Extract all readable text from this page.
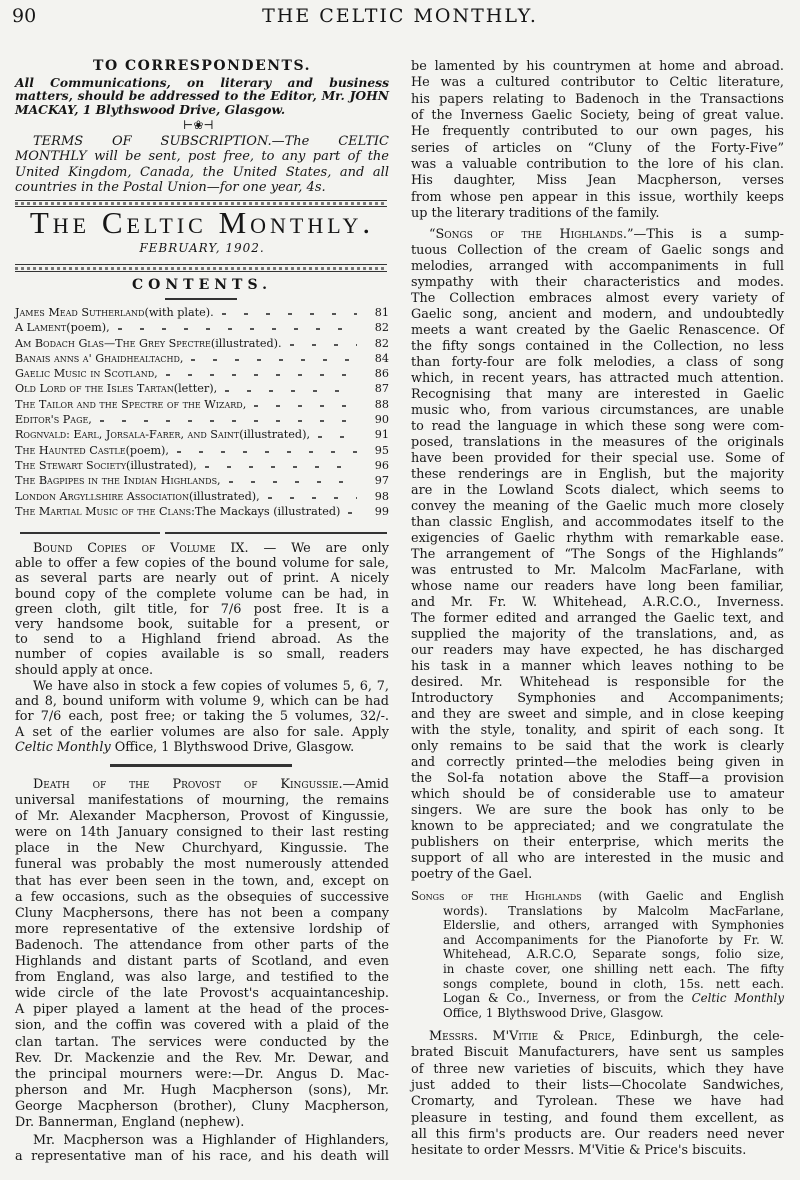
90	THE CELTIC MONTHLY.
TO CORRESPONDENTS.
All Communications, on literary and business
matters, should be addressed to the Editor, Mr. JOHN
MACKAY, 1 Blythswood Drive, Glasgow.
⊢❀⊣
TERMS OF SUBSCRIPTION.—The CELTIC
MONTHLY will be sent, post free, to any part of the
United Kingdom, Canada, the United States, and all
countries in the Postal Union—for one year, 4s.
The Celtic Monthly.
FEBRUARY, 1902.
CONTENTS.
James Mead Sutherland (with plate).	81
A Lament (poem),	82
Am Bodach Glas—The Grey Spectre (illustrated).	82
Banais anns a' Ghaidhealtachd,	84
Gaelic Music in Scotland,	86
Old Lord of the Isles Tartan (letter),	87
The Tailor and the Spectre of the Wizard,	88
Editor's Page,	90
Rognvald: Earl, Jorsala-Farer, and Saint (illustrated),	91
The Haunted Castle (poem),	95
The Stewart Society (illustrated),	96
The Bagpipes in the Indian Highlands,	97
London Argyllshire Association (illustrated),	98
The Martial Music of the Clans: The Mackays (illustrated)	99
Bound Copies of Volume IX. — We are only
able to offer a few copies of the bound volume for sale,
as several parts are nearly out of print. A nicely
bound copy of the complete volume can be had, in
green cloth, gilt title, for 7/6 post free. It is a
very handsome book, suitable for a present, or
to send to a Highland friend abroad. As the
number of copies available is so small, readers
should apply at once.
We have also in stock a few copies of volumes 5, 6, 7,
and 8, bound uniform with volume 9, which can be had
for 7/6 each, post free; or taking the 5 volumes, 32/-.
A set of the earlier volumes are also for sale. Apply
Celtic Monthly Office, 1 Blythswood Drive, Glasgow.
Death of the Provost of Kingussie.—Amid
universal manifestations of mourning, the remains
of Mr. Alexander Macpherson, Provost of Kingussie,
were on 14th January consigned to their last resting
place in the New Churchyard, Kingussie. The
funeral was probably the most numerously attended
that has ever been seen in the town, and, except on
a few occasions, such as the obsequies of successive
Cluny Macphersons, there has not been a company
more representative of the extensive lordship of
Badenoch. The attendance from other parts of the
Highlands and distant parts of Scotland, and even
from England, was also large, and testified to the
wide circle of the late Provost's acquaintanceship.
A piper played a lament at the head of the proces-
sion, and the coffin was covered with a plaid of the
clan tartan. The services were conducted by the
Rev. Dr. Mackenzie and the Rev. Mr. Dewar, and
the principal mourners were:—Dr. Angus D. Mac-
pherson and Mr. Hugh Macpherson (sons), Mr.
George Macpherson (brother), Cluny Macpherson,
Dr. Bannerman, England (nephew).
Mr. Macpherson was a Highlander of Highlanders,
a representative man of his race, and his death will
be lamented by his countrymen at home and abroad.
He was a cultured contributor to Celtic literature,
his papers relating to Badenoch in the Transactions
of the Inverness Gaelic Society, being of great value.
He frequently contributed to our own pages, his
series of articles on “Cluny of the Forty-Five”
was a valuable contribution to the lore of his clan.
His daughter, Miss Jean Macpherson, verses
from whose pen appear in this issue, worthily keeps
up the literary traditions of the family.
“Songs of the Highlands.”—This is a sump-
tuous Collection of the cream of Gaelic songs and
melodies, arranged with accompaniments in full
sympathy with their characteristics and modes.
The Collection embraces almost every variety of
Gaelic song, ancient and modern, and undoubtedly
meets a want created by the Gaelic Renascence. Of
the fifty songs contained in the Collection, no less
than forty-four are folk melodies, a class of song
which, in recent years, has attracted much attention.
Recognising that many are interested in Gaelic
music who, from various circumstances, are unable
to read the language in which these song were com-
posed, translations in the measures of the originals
have been provided for their special use. Some of
these renderings are in English, but the majority
are in the Lowland Scots dialect, which seems to
convey the meaning of the Gaelic much more closely
than classic English, and accommodates itself to the
exigencies of Gaelic rhythm with remarkable ease.
The arrangement of “The Songs of the Highlands”
was entrusted to Mr. Malcolm MacFarlane, with
whose name our readers have long been familiar,
and Mr. Fr. W. Whitehead, A.R.C.O., Inverness.
The former edited and arranged the Gaelic text, and
supplied the majority of the translations, and, as
our readers may have expected, he has discharged
his task in a manner which leaves nothing to be
desired. Mr. Whitehead is responsible for the
Introductory Symphonies and Accompaniments;
and they are sweet and simple, and in close keeping
with the style, tonality, and spirit of each song. It
only remains to be said that the work is clearly
and correctly printed—the melodies being given in
the Sol-fa notation above the Staff—a provision
which should be of considerable use to amateur
singers. We are sure the book has only to be
known to be appreciated; and we congratulate the
publishers on their enterprise, which merits the
support of all who are interested in the music and
poetry of the Gael.
Songs of the Highlands (with Gaelic and English
words). Translations by Malcolm MacFarlane,
Elderslie, and others, arranged with Symphonies
and Accompaniments for the Pianoforte by Fr. W.
Whitehead, A.R.C.O, Separate songs, folio size,
in chaste cover, one shilling nett each. The fifty
songs complete, bound in cloth, 15s. nett each.
Logan & Co., Inverness, or from the Celtic Monthly
Office, 1 Blythswood Drive, Glasgow.
Messrs. M'Vitie & Price, Edinburgh, the cele-
brated Biscuit Manufacturers, have sent us samples
of three new varieties of biscuits, which they have
just added to their lists—Chocolate Sandwiches,
Cromarty, and Tyrolean. These we have had
pleasure in testing, and found them excellent, as
all this firm's products are. Our readers need never
hesitate to order Messrs. M'Vitie & Price's biscuits.
